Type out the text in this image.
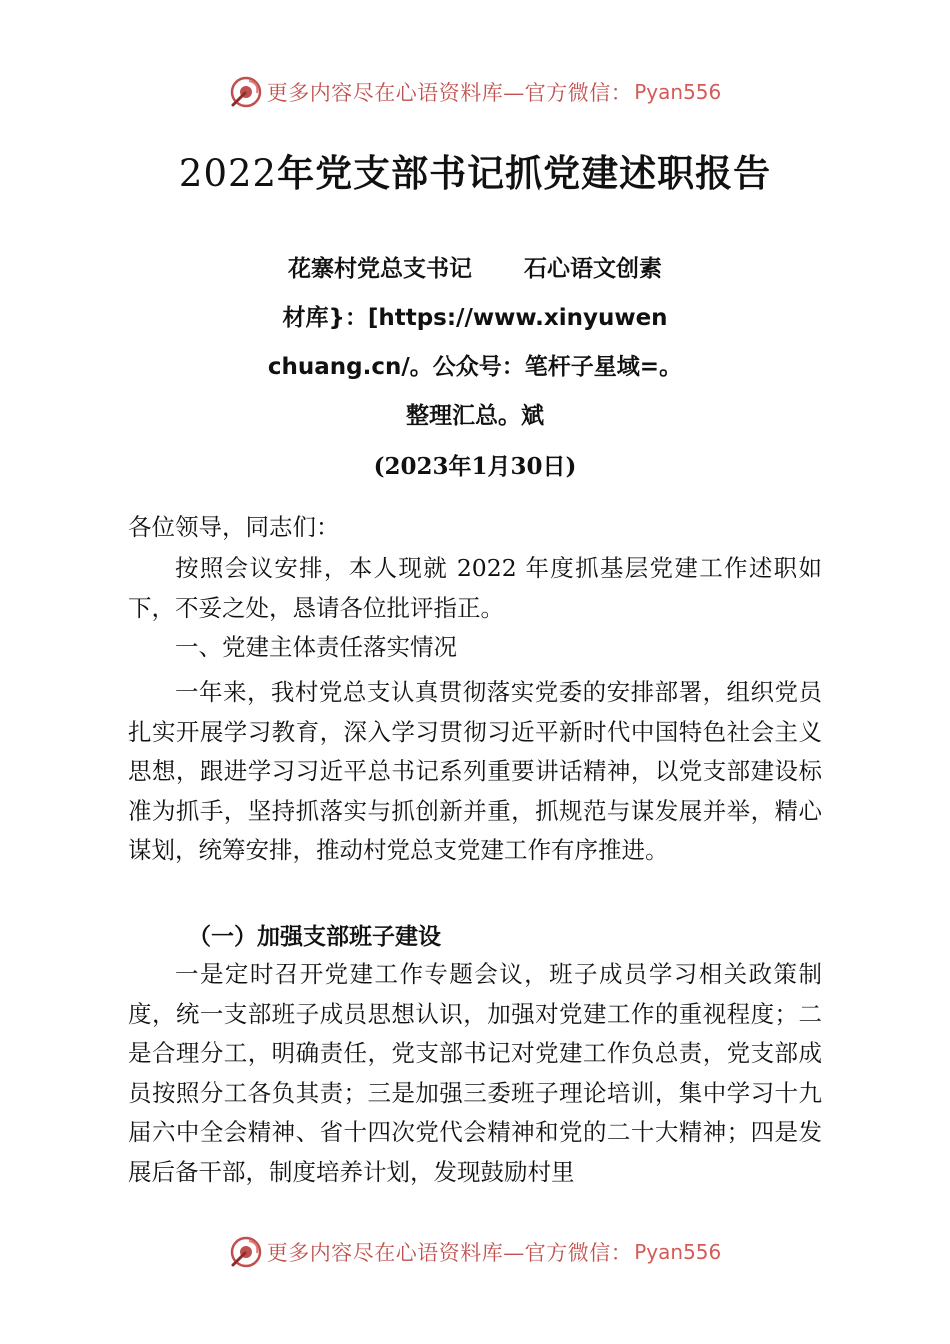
更多内容尽在心语资料库—官方微信： Pyan556
2022年党支部书记抓党建述职报告
花寨村党总支书记 石心语文创素
材库}：[https://www.xinyuwen
chuang.cn/。公众号：笔杆子星域=。
整理汇总。斌
(2023年1月30日)
各位领导，同志们：
按照会议安排，本人现就 2022 年度抓基层党建工作述职如下，不妥之处，恳请各位批评指正。
一、党建主体责任落实情况
一年来，我村党总支认真贯彻落实党委的安排部署，组织党员扎实开展学习教育，深入学习贯彻习近平新时代中国特色社会主义思想，跟进学习习近平总书记系列重要讲话精神，以党支部建设标准为抓手，坚持抓落实与抓创新并重，抓规范与谋发展并举，精心谋划，统筹安排，推动村党总支党建工作有序推进。
（一）加强支部班子建设
一是定时召开党建工作专题会议，班子成员学习相关政策制度，统一支部班子成员思想认识，加强对党建工作的重视程度；二是合理分工，明确责任，党支部书记对党建工作负总责，党支部成员按照分工各负其责；三是加强三委班子理论培训，集中学习十九届六中全会精神、省十四次党代会精神和党的二十大精神；四是发展后备干部，制度培养计划，发现鼓励村里
更多内容尽在心语资料库—官方微信： Pyan556
